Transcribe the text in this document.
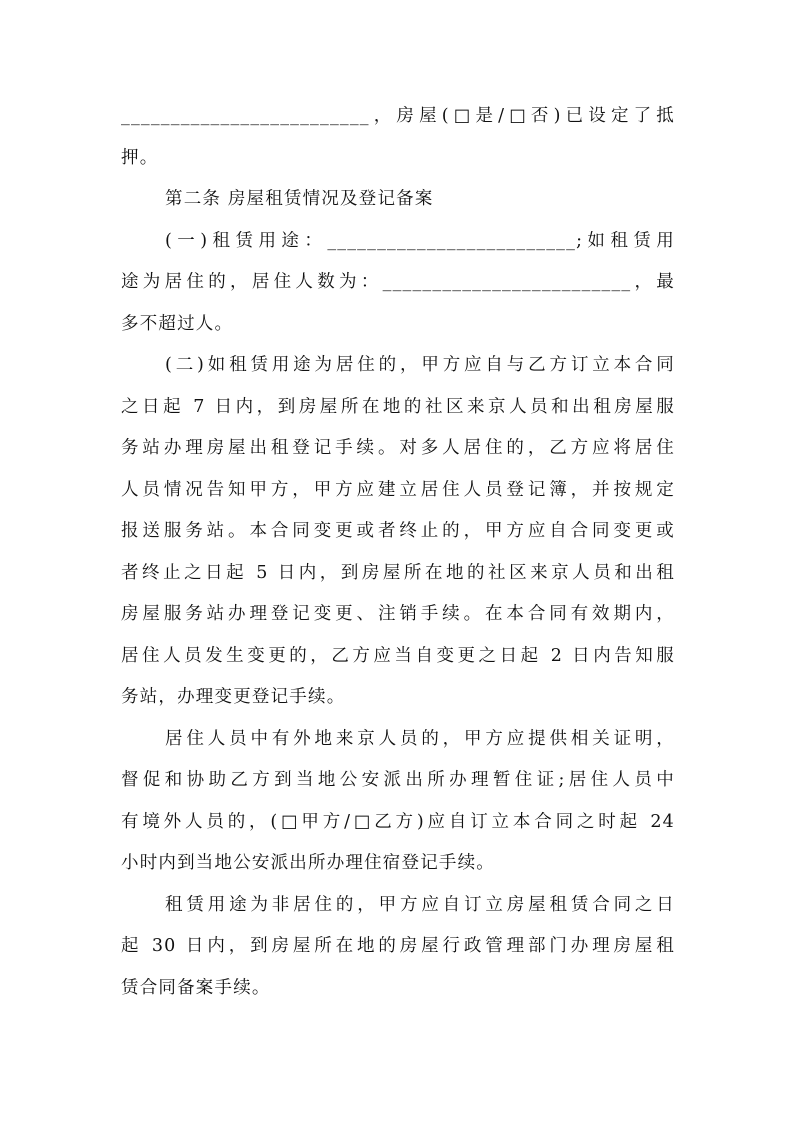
_________________________，房屋(□是/□否)已设定了抵
押。
第二条 房屋租赁情况及登记备案
(一)租赁用途：_________________________;如租赁用
途为居住的，居住人数为：_________________________，最
多不超过人。
(二)如租赁用途为居住的，甲方应自与乙方订立本合同
之日起 7 日内，到房屋所在地的社区来京人员和出租房屋服
务站办理房屋出租登记手续。对多人居住的，乙方应将居住
人员情况告知甲方，甲方应建立居住人员登记簿，并按规定
报送服务站。本合同变更或者终止的，甲方应自合同变更或
者终止之日起 5 日内，到房屋所在地的社区来京人员和出租
房屋服务站办理登记变更、注销手续。在本合同有效期内，
居住人员发生变更的，乙方应当自变更之日起 2 日内告知服
务站，办理变更登记手续。
居住人员中有外地来京人员的，甲方应提供相关证明，
督促和协助乙方到当地公安派出所办理暂住证;居住人员中
有境外人员的，(□甲方/□乙方)应自订立本合同之时起 24
小时内到当地公安派出所办理住宿登记手续。
租赁用途为非居住的，甲方应自订立房屋租赁合同之日
起 30 日内，到房屋所在地的房屋行政管理部门办理房屋租
赁合同备案手续。
